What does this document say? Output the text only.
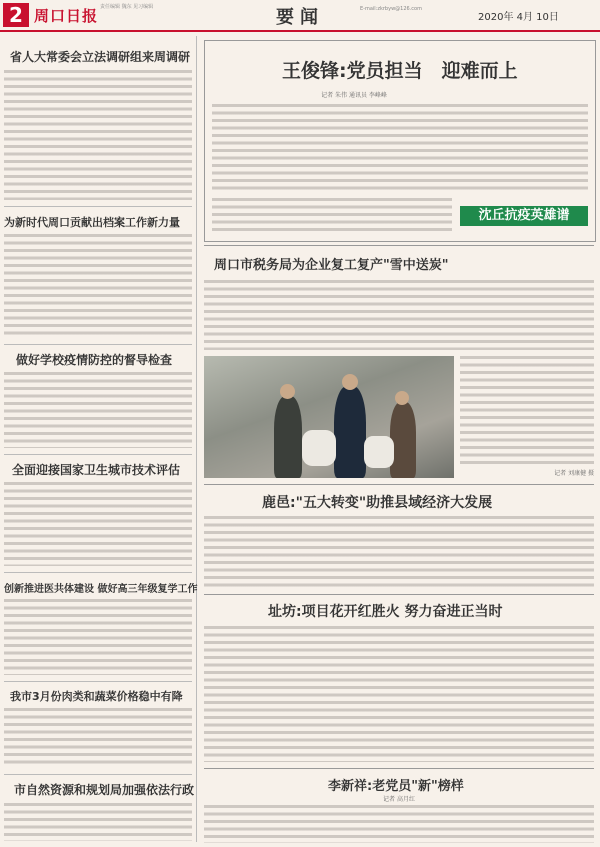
2 周口日报 责任编辑 魏东 见习编辑	要闻	E-mail:zkrbyw@126.com
2020年 4月 10日
省人大常委会立法调研组来周调研
为新时代周口贡献出档案工作新力量
做好学校疫情防控的督导检查
全面迎接国家卫生城市技术评估
创新推进医共体建设 做好高三年级复学工作
我市3月份肉类和蔬菜价格稳中有降
市自然资源和规划局加强依法行政
王俊锋:党员担当　迎难而上
记者 朱伟 通讯员 李峰峰
沈丘抗疫英雄谱
周口市税务局为企业复工复产"雪中送炭"
记者 刘康健 摄
鹿邑:"五大转变"助推县域经济大发展
址坊:项目花开红胜火 努力奋进正当时
李新祥:老党员"新"榜样
记者 高月红
